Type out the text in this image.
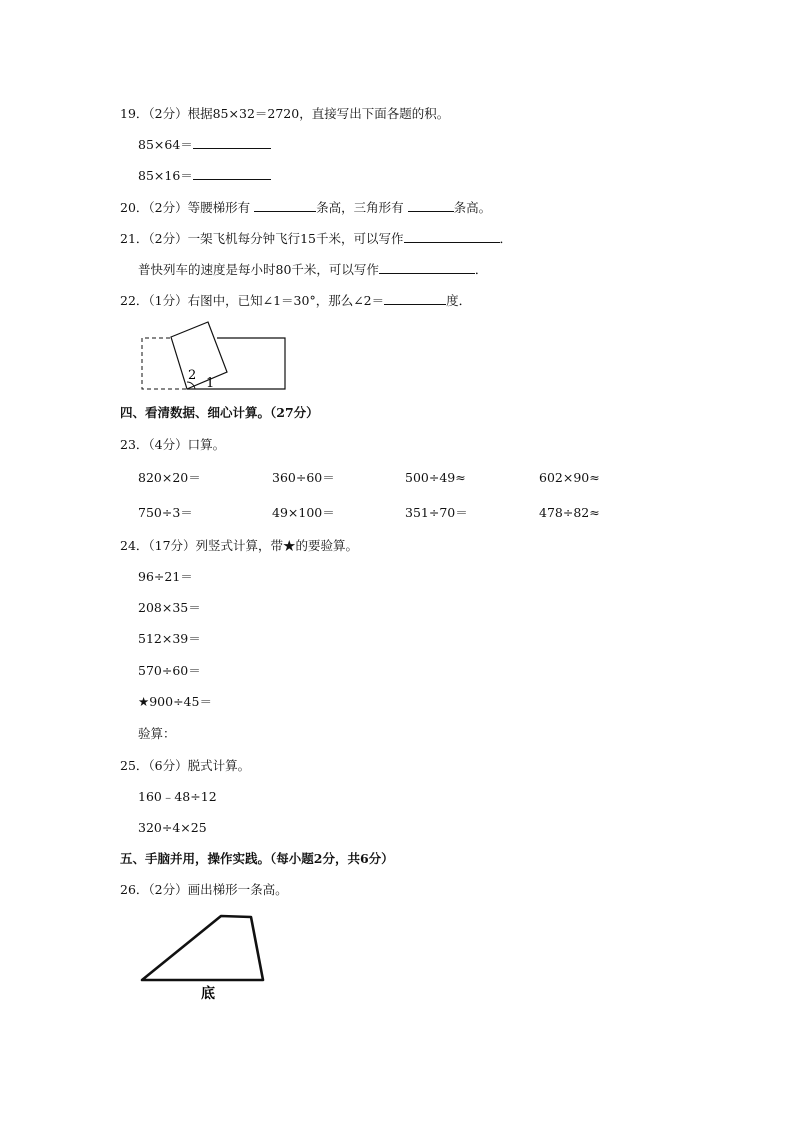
19．（2分）根据85×32＝2720，直接写出下面各题的积。
85×64＝
85×16＝
20．（2分）等腰梯形有	条高，三角形有	条高。
21．（2分）一架飞机每分钟飞行15千米，可以写作	．
普快列车的速度是每小时80千米，可以写作	．
22．（1分）右图中，已知∠1＝30°，那么∠2＝	度．
2
1
四、看清数据、细心计算。（27分）
23．（4分）口算。
820×20＝	360÷60＝	500÷49≈	602×90≈
750÷3＝	49×100＝	351÷70＝	478÷82≈
24．（17分）列竖式计算，带★的要验算。
96÷21＝
208×35＝
512×39＝
570÷60＝
★900÷45＝
验算：
25．（6分）脱式计算。
160﹣48÷12
320÷4×25
五、手脑并用，操作实践。（每小题2分，共6分）
26．（2分）画出梯形一条高。
底
